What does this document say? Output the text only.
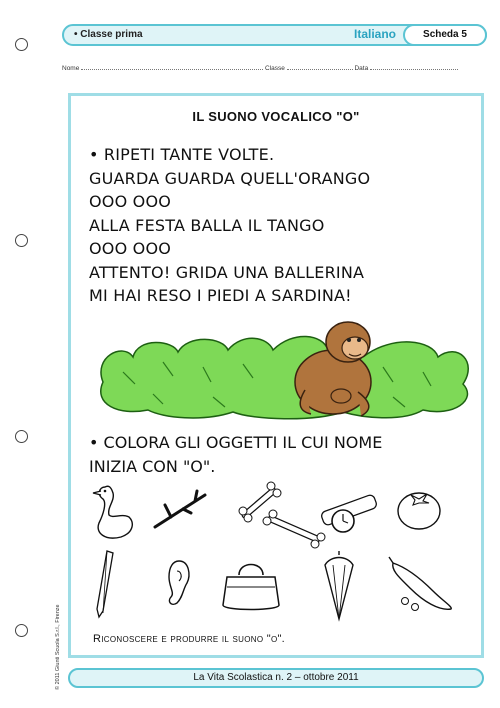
• Classe prima	Italiano	Scheda 5
Nome	Classe	Data
IL SUONO VOCALICO "O"
• RIPETI TANTE VOLTE.
GUARDA GUARDA QUELL'ORANGO
OOO OOO
ALLA FESTA BALLA IL TANGO
OOO OOO
ATTENTO! GRIDA UNA BALLERINA
MI HAI RESO I PIEDI A SARDINA!
• COLORA GLI OGGETTI IL CUI NOME
INIZIA CON "O".
Riconoscere e produrre il suono "o".
© 2011 Giunti Scuola S.r.l., Firenze	La Vita Scolastica n. 2 – ottobre 2011
